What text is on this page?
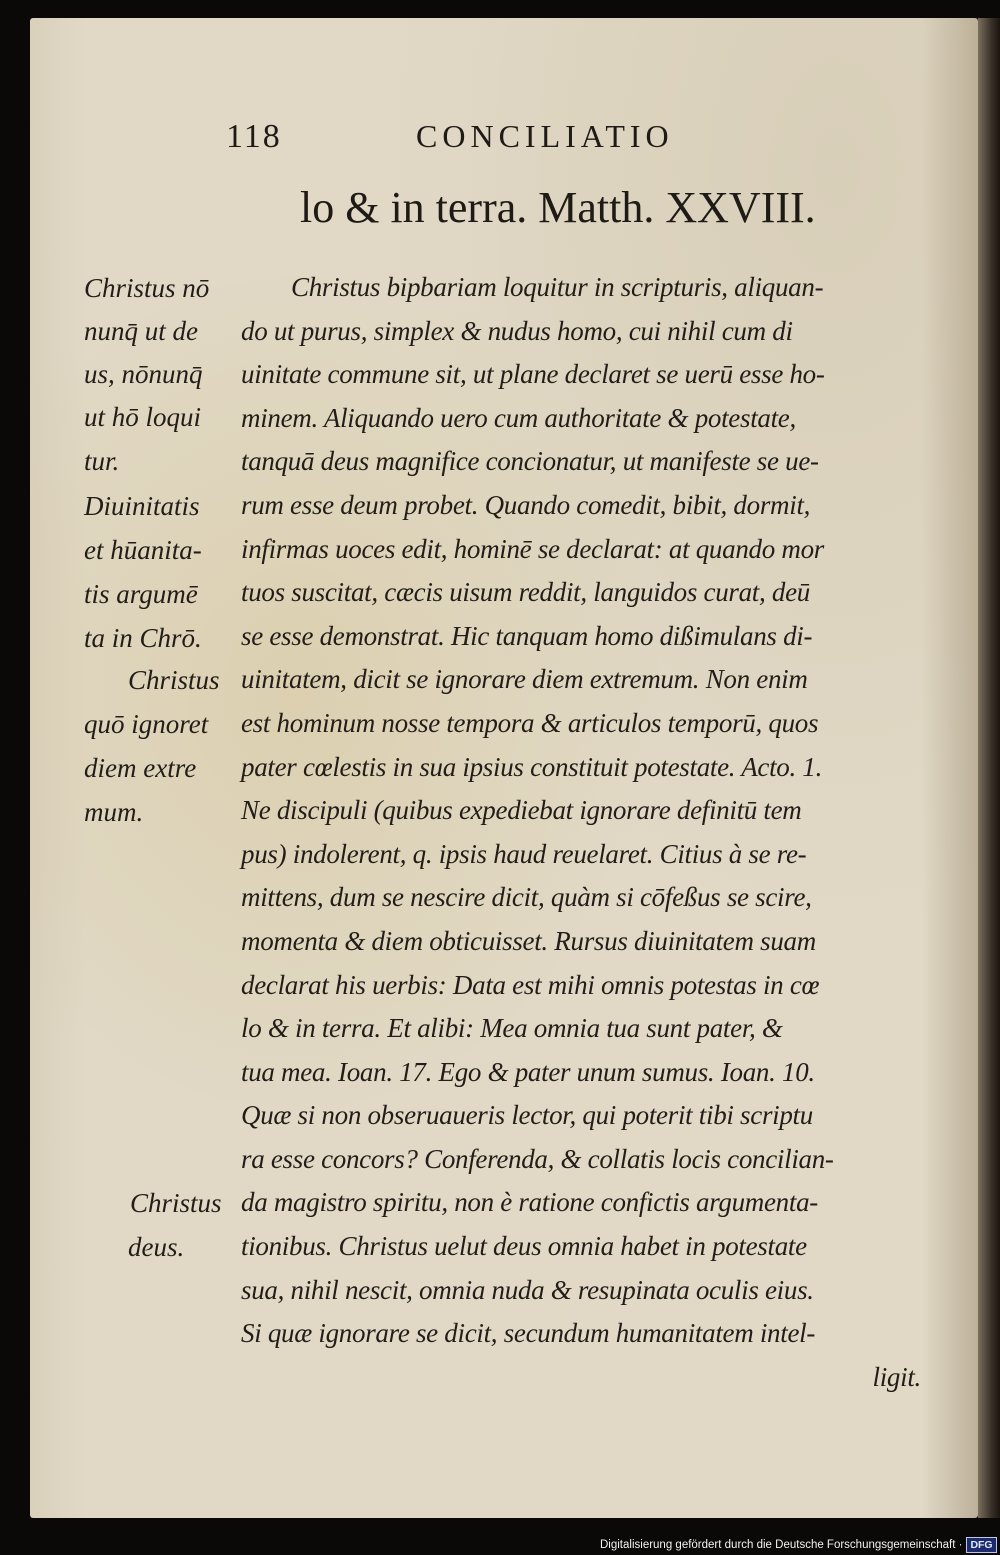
118	CONCILIATIO
lo & in terra. Matth. XXVIII.
Christus nō
nunq̄ ut de
us, nōnunq̄
ut hō loqui
tur.
Diuinitatis
et hūanita-
tis argumē
ta in Chrō.
Christus
quō ignoret
diem extre
mum.
Christus
deus.
Christus bipbariam loquitur in scripturis, aliquan-
do ut purus, simplex & nudus homo, cui nihil cum di
uinitate commune sit, ut plane declaret se uerū esse ho-
minem. Aliquando uero cum authoritate & potestate,
tanquā deus magnifice concionatur, ut manifeste se ue-
rum esse deum probet. Quando comedit, bibit, dormit,
infirmas uoces edit, hominē se declarat: at quando mor
tuos suscitat, cæcis uisum reddit, languidos curat, deū
se esse demonstrat. Hic tanquam homo dißimulans di-
uinitatem, dicit se ignorare diem extremum. Non enim
est hominum nosse tempora & articulos temporū, quos
pater cœlestis in sua ipsius constituit potestate. Acto. 1.
Ne discipuli (quibus expediebat ignorare definitū tem
pus) indolerent, q. ipsis haud reuelaret. Citius à se re-
mittens, dum se nescire dicit, quàm si cōfeßus se scire,
momenta & diem obticuisset. Rursus diuinitatem suam
declarat his uerbis: Data est mihi omnis potestas in cœ
lo & in terra. Et alibi: Mea omnia tua sunt pater, &
tua mea. Ioan. 17. Ego & pater unum sumus. Ioan. 10.
Quæ si non obseruaueris lector, qui poterit tibi scriptu
ra esse concors? Conferenda, & collatis locis concilian-
da magistro spiritu, non è ratione confictis argumenta-
tionibus. Christus uelut deus omnia habet in potestate
sua, nihil nescit, omnia nuda & resupinata oculis eius.
Si quæ ignorare se dicit, secundum humanitatem intel-
ligit.
Digitalisierung gefördert durch die Deutsche Forschungsgemeinschaft · DFG
